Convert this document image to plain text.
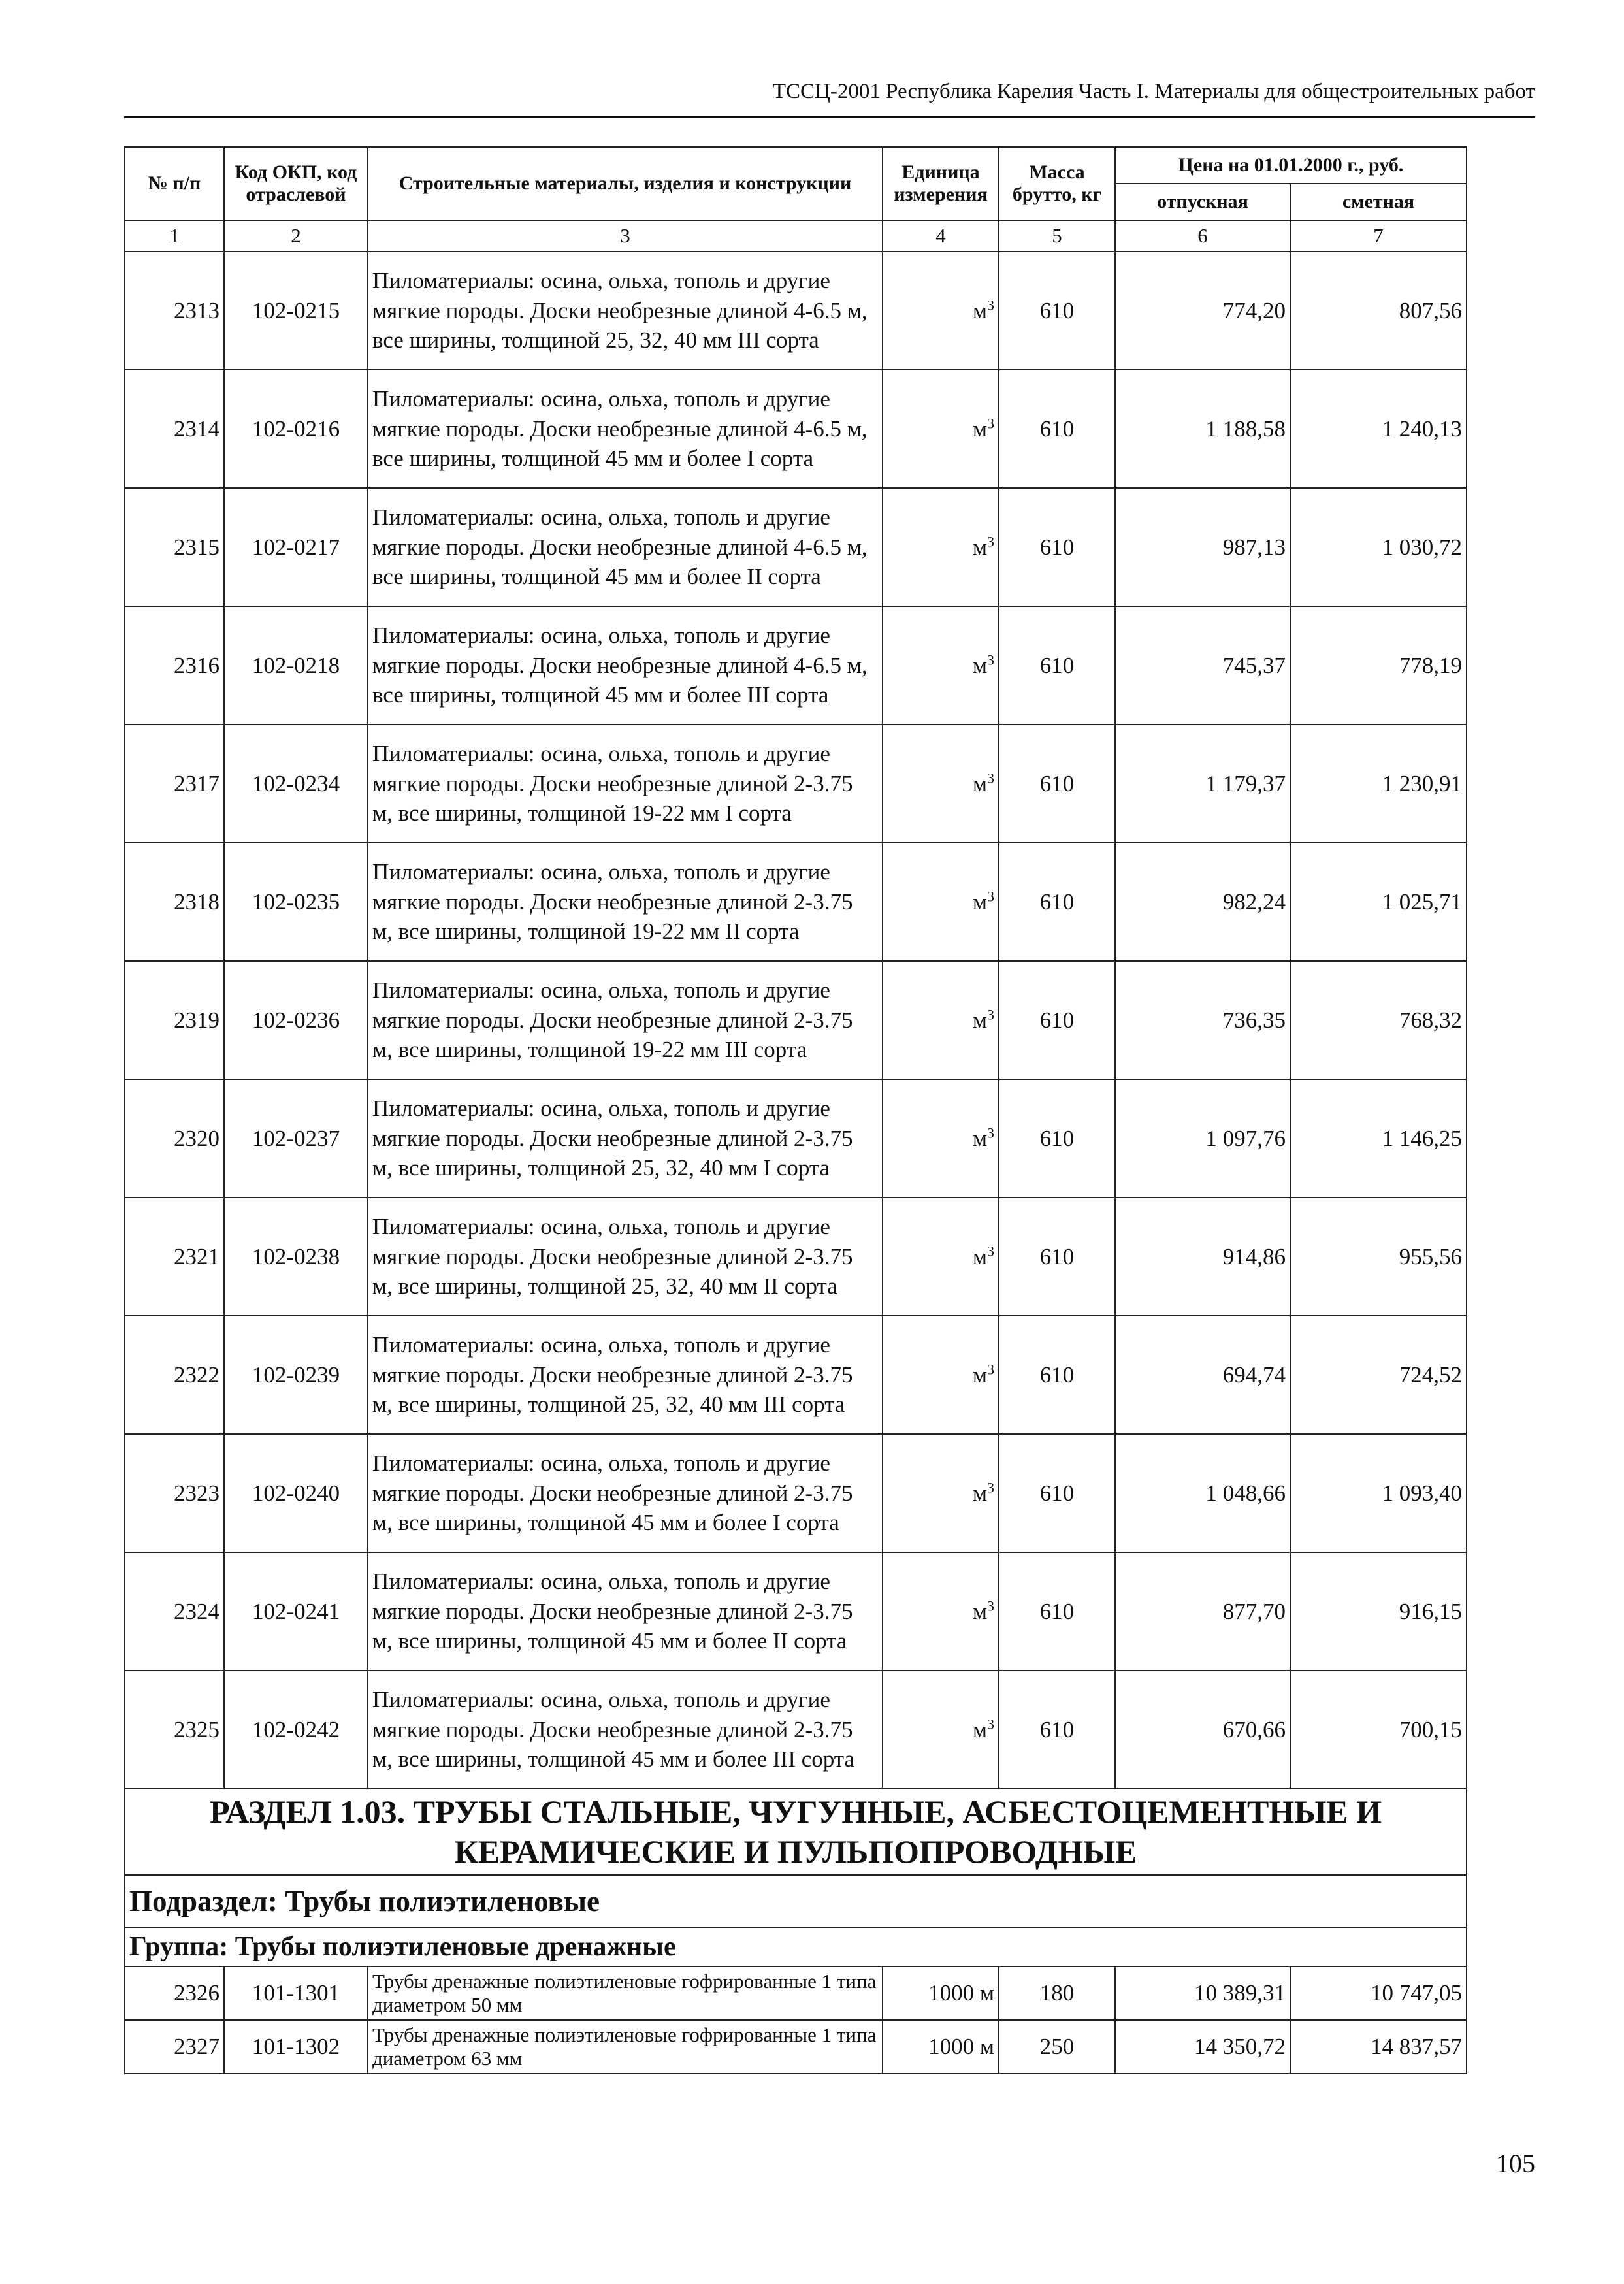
ТССЦ-2001 Республика Карелия Часть I. Материалы для общестроительных работ
№ п/п	Код ОКП, код отраслевой	Строительные материалы, изделия и конструкции	Единица измерения	Масса брутто, кг	Цена на 01.01.2000 г., руб.	
					отпускная	сметная
1	2	3	4	5	6	7
2313	102-0215	Пиломатериалы: осина, ольха, тополь и другие мягкие породы. Доски необрезные длиной 4-6.5 м, все ширины, толщиной 25, 32, 40 мм III сорта	$м^3$	610	774,20	807,56
2314	102-0216	Пиломатериалы: осина, ольха, тополь и другие мягкие породы. Доски необрезные длиной 4-6.5 м, все ширины, толщиной 45 мм и более I сорта	$м^3$	610	1 188,58	1 240,13
2315	102-0217	Пиломатериалы: осина, ольха, тополь и другие мягкие породы. Доски необрезные длиной 4-6.5 м, все ширины, толщиной 45 мм и более II сорта	$м^3$	610	987,13	1 030,72
2316	102-0218	Пиломатериалы: осина, ольха, тополь и другие мягкие породы. Доски необрезные длиной 4-6.5 м, все ширины, толщиной 45 мм и более III сорта	$м^3$	610	745,37	778,19
2317	102-0234	Пиломатериалы: осина, ольха, тополь и другие мягкие породы. Доски необрезные длиной 2-3.75 м, все ширины, толщиной 19-22 мм I сорта	$м^3$	610	1 179,37	1 230,91
2318	102-0235	Пиломатериалы: осина, ольха, тополь и другие мягкие породы. Доски необрезные длиной 2-3.75 м, все ширины, толщиной 19-22 мм II сорта	$м^3$	610	982,24	1 025,71
2319	102-0236	Пиломатериалы: осина, ольха, тополь и другие мягкие породы. Доски необрезные длиной 2-3.75 м, все ширины, толщиной 19-22 мм III сорта	$м^3$	610	736,35	768,32
2320	102-0237	Пиломатериалы: осина, ольха, тополь и другие мягкие породы. Доски необрезные длиной 2-3.75 м, все ширины, толщиной 25, 32, 40 мм I сорта	$м^3$	610	1 097,76	1 146,25
2321	102-0238	Пиломатериалы: осина, ольха, тополь и другие мягкие породы. Доски необрезные длиной 2-3.75 м, все ширины, толщиной 25, 32, 40 мм II сорта	$м^3$	610	914,86	955,56
2322	102-0239	Пиломатериалы: осина, ольха, тополь и другие мягкие породы. Доски необрезные длиной 2-3.75 м, все ширины, толщиной 25, 32, 40 мм III сорта	$м^3$	610	694,74	724,52
2323	102-0240	Пиломатериалы: осина, ольха, тополь и другие мягкие породы. Доски необрезные длиной 2-3.75 м, все ширины, толщиной 45 мм и более I сорта	$м^3$	610	1 048,66	1 093,40
2324	102-0241	Пиломатериалы: осина, ольха, тополь и другие мягкие породы. Доски необрезные длиной 2-3.75 м, все ширины, толщиной 45 мм и более II сорта	$м^3$	610	877,70	916,15
2325	102-0242	Пиломатериалы: осина, ольха, тополь и другие мягкие породы. Доски необрезные длиной 2-3.75 м, все ширины, толщиной 45 мм и более III сорта	$м^3$	610	670,66	700,15
РАЗДЕЛ 1.03. ТРУБЫ СТАЛЬНЫЕ, ЧУГУННЫЕ, АСБЕСТОЦЕМЕНТНЫЕ И
КЕРАМИЧЕСКИЕ И ПУЛЬПОПРОВОДНЫЕ						
Подраздел: Трубы полиэтиленовые						
Группа: Трубы полиэтиленовые дренажные						
2326	101-1301	Трубы дренажные полиэтиленовые гофрированные 1 типа диаметром 50 мм	1000 м	180	10 389,31	10 747,05
2327	101-1302	Трубы дренажные полиэтиленовые гофрированные 1 типа диаметром 63 мм	1000 м	250	14 350,72	14 837,57
105
